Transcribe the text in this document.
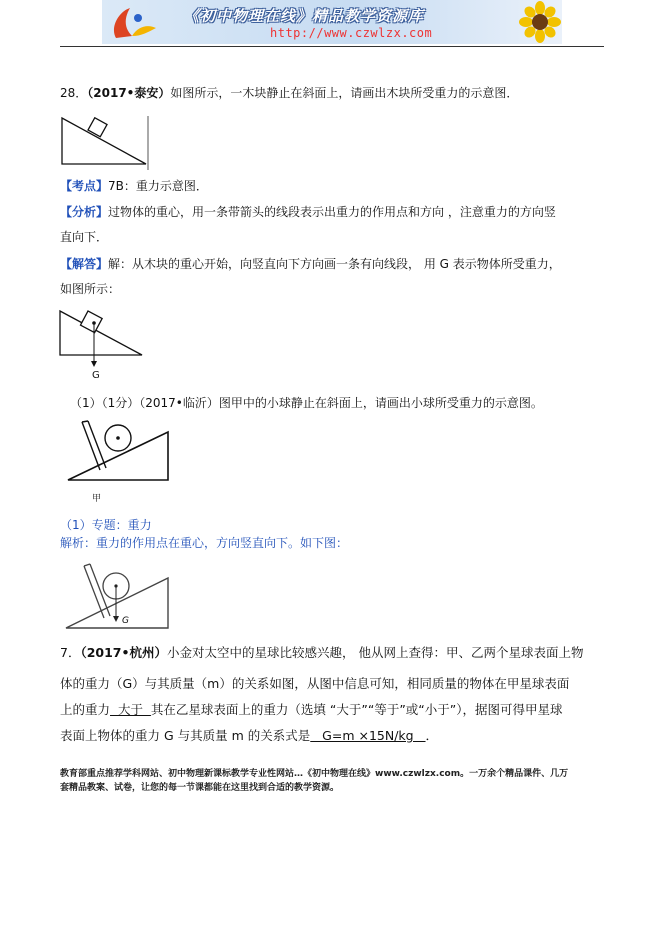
《初中物理在线》精品教学资源库
http://www.czwlzx.com
28．（2017•泰安）如图所示，一木块静止在斜面上，请画出木块所受重力的示意图．
【考点】7B：重力示意图．
【分析】过物体的重心，用一条带箭头的线段表示出重力的作用点和方向 ，注意重力的方向竖
直向下．
【解答】解：从木块的重心开始，向竖直向下方向画一条有向线段， 用 G 表示物体所受重力，
如图所示：
G
（1）（1分）（2017•临沂）图甲中的小球静止在斜面上，请画出小球所受重力的示意图。
甲
（1）专题：重力
解析：重力的作用点在重心，方向竖直向下。如下图：
G
7．（2017•杭州）小金对太空中的星球比较感兴趣， 他从网上查得：甲、乙两个星球表面上物
体的重力（G）与其质量（m）的关系如图，从图中信息可知，相同质量的物体在甲星球表面
上的重力  大于  其在乙星球表面上的重力（选填 “大于”“等于”或“小于”），据图可得甲星球
表面上物体的重力 G 与其质量 m 的关系式是   G=m ×15N/kg   ．
教育部重点推荐学科网站、初中物理新课标教学专业性网站…《初中物理在线》www.czwlzx.com。一万余个精品课件、几万
套精品教案、试卷，让您的每一节课都能在这里找到合适的教学资源。
